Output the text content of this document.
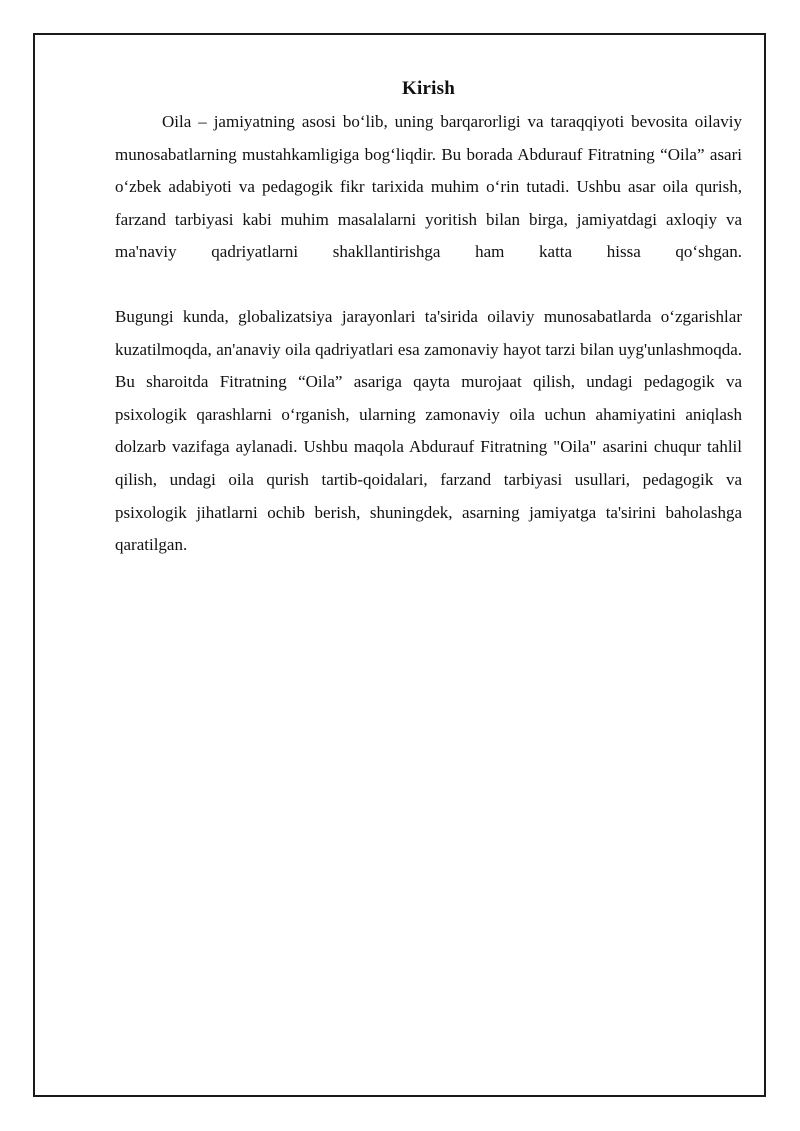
Kirish

Oila – jamiyatning asosi bo‘lib, uning barqarorligi va taraqqiyoti bevosita oilaviy munosabatlarning mustahkamligiga bog‘liqdir. Bu borada Abdurauf Fitratning “Oila” asari o‘zbek adabiyoti va pedagogik fikr tarixida muhim o‘rin tutadi. Ushbu asar oila qurish, farzand tarbiyasi kabi muhim masalalarni yoritish bilan birga, jamiyatdagi axloqiy va ma'naviy qadriyatlarni shakllantirishga ham katta hissa qo‘shgan.

Bugungi kunda, globalizatsiya jarayonlari ta'sirida oilaviy munosabatlarda o‘zgarishlar kuzatilmoqda, an'anaviy oila qadriyatlari esa zamonaviy hayot tarzi bilan uyg'unlashmoqda. Bu sharoitda Fitratning “Oila” asariga qayta murojaat qilish, undagi pedagogik va psixologik qarashlarni o‘rganish, ularning zamonaviy oila uchun ahamiyatini aniqlash dolzarb vazifaga aylanadi. Ushbu maqola Abdurauf Fitratning "Oila" asarini chuqur tahlil qilish, undagi oila qurish tartib-qoidalari, farzand tarbiyasi usullari, pedagogik va psixologik jihatlarni ochib berish, shuningdek, asarning jamiyatga ta'sirini baholashga qaratilgan.
